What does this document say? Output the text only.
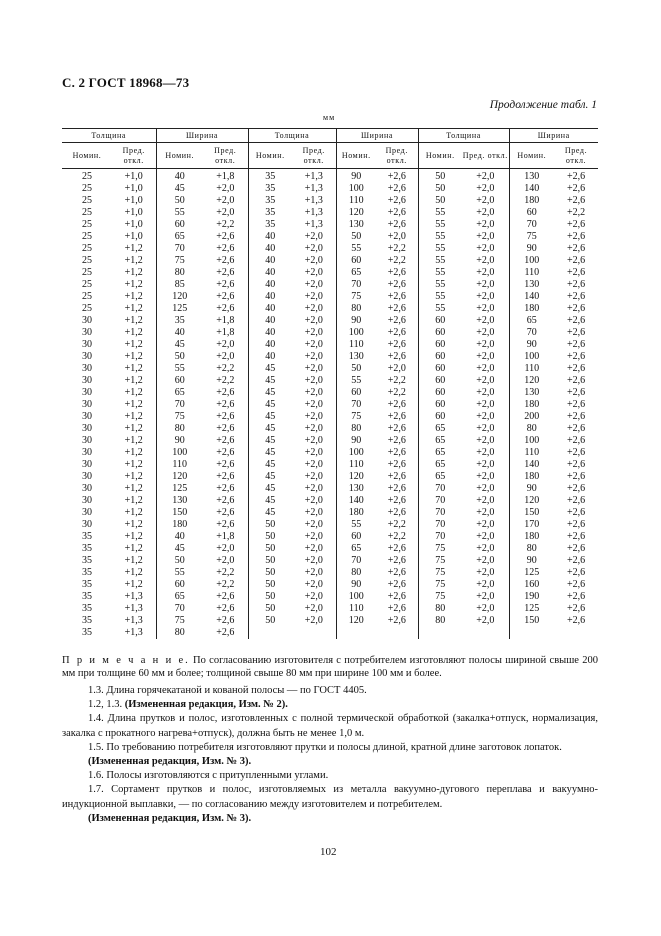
С. 2 ГОСТ 18968—73
Продолжение табл. 1
мм
Толщина		Ширина		Толщина		Ширина		Толщина		Ширина	
Номин.	Пред. откл.	Номин.	Пред. откл.	Номин.	Пред. откл.	Номин.	Пред. откл.	Номин.	Пред. откл.	Номин.	Пред. откл.
25	+1,0	40	+1,8	35	+1,3	90	+2,6	50	+2,0	130	+2,6
25	+1,0	45	+2,0	35	+1,3	100	+2,6	50	+2,0	140	+2,6
25	+1,0	50	+2,0	35	+1,3	110	+2,6	50	+2,0	180	+2,6
25	+1,0	55	+2,0	35	+1,3	120	+2,6	55	+2,0	60	+2,2
25	+1,0	60	+2,2	35	+1,3	130	+2,6	55	+2,0	70	+2,6
25	+1,0	65	+2,6	40	+2,0	50	+2,0	55	+2,0	75	+2,6
25	+1,2	70	+2,6	40	+2,0	55	+2,2	55	+2,0	90	+2,6
25	+1,2	75	+2,6	40	+2,0	60	+2,2	55	+2,0	100	+2,6
25	+1,2	80	+2,6	40	+2,0	65	+2,6	55	+2,0	110	+2,6
25	+1,2	85	+2,6	40	+2,0	70	+2,6	55	+2,0	130	+2,6
25	+1,2	120	+2,6	40	+2,0	75	+2,6	55	+2,0	140	+2,6
25	+1,2	125	+2,6	40	+2,0	80	+2,6	55	+2,0	180	+2,6
30	+1,2	35	+1,8	40	+2,0	90	+2,6	60	+2,0	65	+2,6
30	+1,2	40	+1,8	40	+2,0	100	+2,6	60	+2,0	70	+2,6
30	+1,2	45	+2,0	40	+2,0	110	+2,6	60	+2,0	90	+2,6
30	+1,2	50	+2,0	40	+2,0	130	+2,6	60	+2,0	100	+2,6
30	+1,2	55	+2,2	45	+2,0	50	+2,0	60	+2,0	110	+2,6
30	+1,2	60	+2,2	45	+2,0	55	+2,2	60	+2,0	120	+2,6
30	+1,2	65	+2,6	45	+2,0	60	+2,2	60	+2,0	130	+2,6
30	+1,2	70	+2,6	45	+2,0	70	+2,6	60	+2,0	180	+2,6
30	+1,2	75	+2,6	45	+2,0	75	+2,6	60	+2,0	200	+2,6
30	+1,2	80	+2,6	45	+2,0	80	+2,6	65	+2,0	80	+2,6
30	+1,2	90	+2,6	45	+2,0	90	+2,6	65	+2,0	100	+2,6
30	+1,2	100	+2,6	45	+2,0	100	+2,6	65	+2,0	110	+2,6
30	+1,2	110	+2,6	45	+2,0	110	+2,6	65	+2,0	140	+2,6
30	+1,2	120	+2,6	45	+2,0	120	+2,6	65	+2,0	180	+2,6
30	+1,2	125	+2,6	45	+2,0	130	+2,6	70	+2,0	90	+2,6
30	+1,2	130	+2,6	45	+2,0	140	+2,6	70	+2,0	120	+2,6
30	+1,2	150	+2,6	45	+2,0	180	+2,6	70	+2,0	150	+2,6
30	+1,2	180	+2,6	50	+2,0	55	+2,2	70	+2,0	170	+2,6
35	+1,2	40	+1,8	50	+2,0	60	+2,2	70	+2,0	180	+2,6
35	+1,2	45	+2,0	50	+2,0	65	+2,6	75	+2,0	80	+2,6
35	+1,2	50	+2,0	50	+2,0	70	+2,6	75	+2,0	90	+2,6
35	+1,2	55	+2,2	50	+2,0	80	+2,6	75	+2,0	125	+2,6
35	+1,2	60	+2,2	50	+2,0	90	+2,6	75	+2,0	160	+2,6
35	+1,3	65	+2,6	50	+2,0	100	+2,6	75	+2,0	190	+2,6
35	+1,3	70	+2,6	50	+2,0	110	+2,6	80	+2,0	125	+2,6
35	+1,3	75	+2,6	50	+2,0	120	+2,6	80	+2,0	150	+2,6
35	+1,3	80	+2,6								
П р и м е ч а н и е. По согласованию изготовителя с потребителем изготовляют полосы шириной свыше 200 мм при толщине 60 мм и более; толщиной свыше 80 мм при ширине 100 мм и более.

1.3. Длина горячекатаной и кованой полосы — по ГОСТ 4405.

1.2, 1.3. (Измененная редакция, Изм. № 2).

1.4. Длина прутков и полос, изготовленных с полной термической обработкой (закалка+отпуск, нормализация, закалка с прокатного нагрева+отпуск), должна быть не менее 1,0 м.

1.5. По требованию потребителя изготовляют прутки и полосы длиной, кратной длине заготовок лопаток.

(Измененная редакция, Изм. № 3).

1.6. Полосы изготовляются с притупленными углами.

1.7. Сортамент прутков и полос, изготовляемых из металла вакуумно-дугового переплава и вакуумно-индукционной выплавки, — по согласованию между изготовителем и потребителем.

(Измененная редакция, Изм. № 3).

102
